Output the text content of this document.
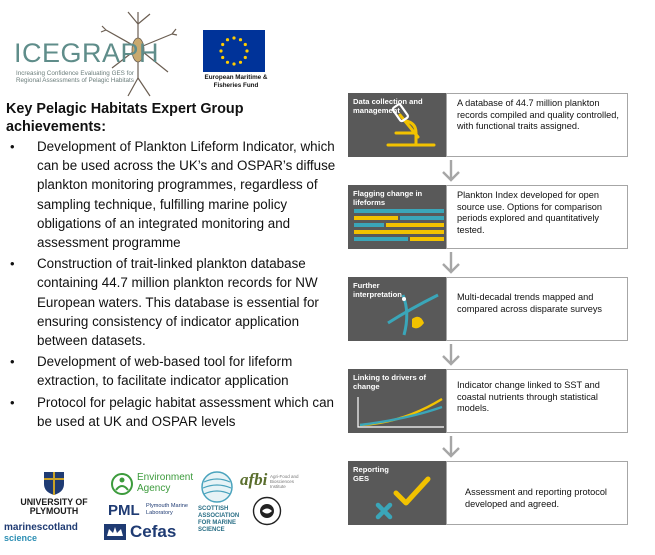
ICEGRAPH
Increasing Confidence Evaluating GES for Regional Assessments of Pelagic Habitats	European Maritime & Fisheries Fund
Key Pelagic Habitats Expert Group achievements:
• Development of Plankton Lifeform Indicator, which can be used across the UK’s and OSPAR’s diffuse plankton monitoring programmes, regardless of sampling technique, fulfilling marine policy obligations of an integrated monitoring and assessment programme
• Construction of trait-linked plankton database containing 44.7 million plankton records for NW European waters. This database is essential for ensuring consistency of indicator application between datasets.
• Development of web-based tool for lifeform extraction, to facilitate indicator application
• Protocol for pelagic habitat assessment which can be used at UK and OSPAR levels
UNIVERSITY OF PLYMOUTH
Environment Agency	afbi Agri-Food and Biosciences Institute
PML Plymouth Marine Laboratory
SCOTTISH ASSOCIATION FOR MARINE SCIENCE
marinescotland
science	Cefas
Data collection and management
A database of 44.7 million plankton records compiled and quality controlled, with functional traits assigned.
Flagging change in lifeforms
Plankton Index developed for open source use. Options for comparison periods explored and quantitatively tested.
Further interpretation	Multi-decadal trends mapped and compared across disparate surveys
Linking to drivers of change	Indicator change linked to SST and coastal nutrients through statistical models.
Reporting GES
Assessment and reporting protocol developed and agreed.
